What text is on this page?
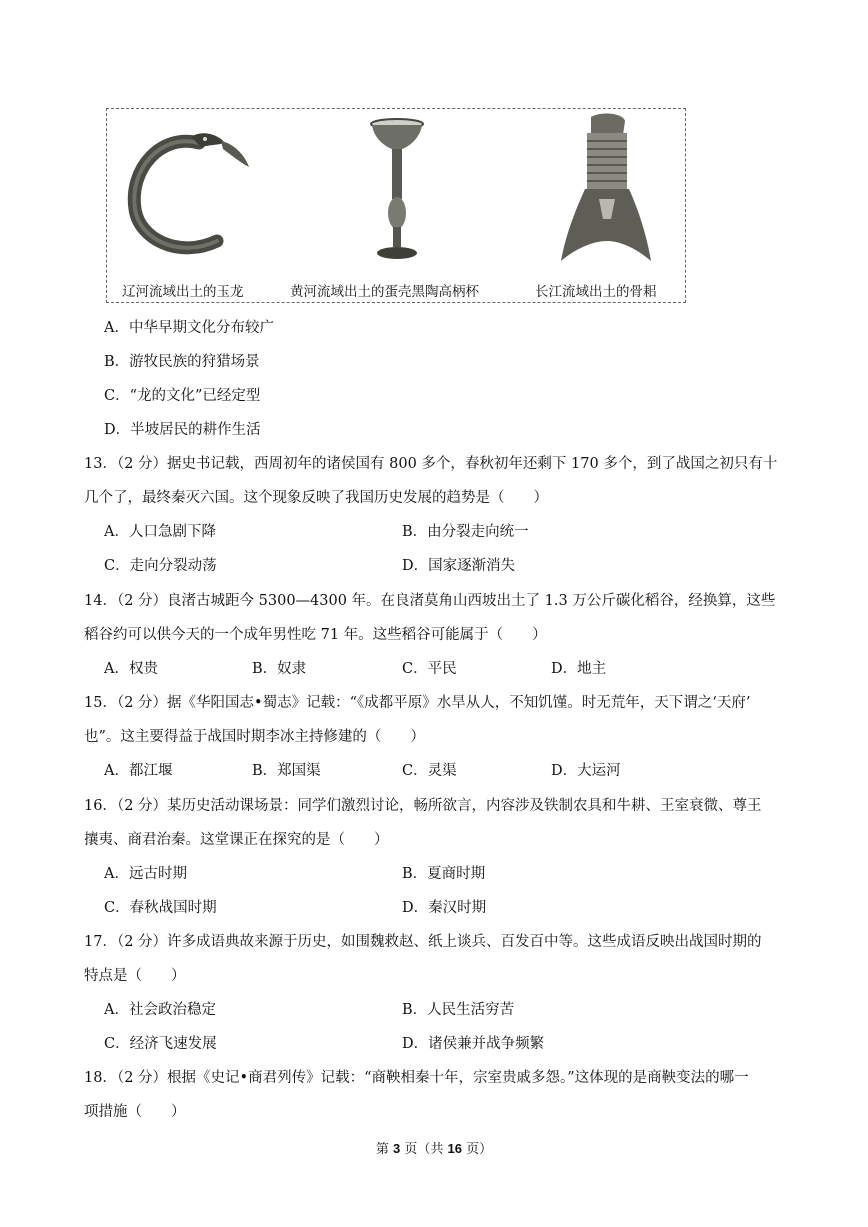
辽河流域出土的玉龙	黄河流域出土的蛋壳黑陶高柄杯	长江流域出土的骨耜
A．中华早期文化分布较广
B．游牧民族的狩猎场景
C．“龙的文化”已经定型
D．半坡居民的耕作生活
13．（2 分）据史书记载，西周初年的诸侯国有 800 多个，春秋初年还剩下 170 多个，到了战国之初只有十
几个了，最终秦灭六国。这个现象反映了我国历史发展的趋势是（　　）
A．人口急剧下降	B．由分裂走向统一
C．走向分裂动荡	D．国家逐渐消失
14．（2 分）良渚古城距今 5300—4300 年。在良渚莫角山西坡出土了 1.3 万公斤碳化稻谷，经换算，这些
稻谷约可以供今天的一个成年男性吃 71 年。这些稻谷可能属于（　　）
A．权贵	B．奴隶	C．平民	D．地主
15．（2 分）据《华阳国志•蜀志》记载：“《成都平原》水旱从人，不知饥馑。时无荒年，天下谓之‘天府’
也”。这主要得益于战国时期李冰主持修建的（　　）
A．都江堰	B．郑国渠	C．灵渠	D．大运河
16．（2 分）某历史活动课场景：同学们激烈讨论，畅所欲言，内容涉及铁制农具和牛耕、王室衰微、尊王
攘夷、商君治秦。这堂课正在探究的是（　　）
A．远古时期	B．夏商时期
C．春秋战国时期	D．秦汉时期
17．（2 分）许多成语典故来源于历史，如围魏救赵、纸上谈兵、百发百中等。这些成语反映出战国时期的
特点是（　　）
A．社会政治稳定	B．人民生活穷苦
C．经济飞速发展	D．诸侯兼并战争频繁
18．（2 分）根据《史记•商君列传》记载：“商鞅相秦十年，宗室贵戚多怨。”这体现的是商鞅变法的哪一
项措施（　　）
第 3 页（共 16 页）
